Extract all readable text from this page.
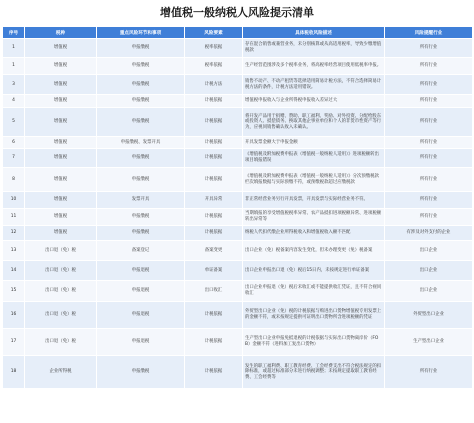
增值税一般纳税人风险提示清单
序号	税种	重点风险环节和事项	风险要素	具体税收风险描述	风险提醒行业
1	增值税	申报缴税	税率依据	存在混合销售或兼营业务，未分别核算或从高适用税率，导致少缴增值税款	所有行业
1	增值税	申报缴税	税率依据	生产经营范围涉及多个税率业务，将高税率经营项目使用低税率申报。	所有行业
3	增值税	申报缴税	计税方法	销售不动产、不动产租赁等选择适用简易计税方法，不符合选择简易计税方法的条件，计税方法适用错误。	所有行业
4	增值税	申报缴税	计税依据	增值税申报收入与企业所得税申报收入差异过大	所有行业
5	增值税	申报缴税	计税依据	将开发产品用于捐赠、赞助、职工福利、奖励、对外投资、分配给股东或投资人、抵偿债务、换取其他企事业单位和个人的非货币性资产等行为，应视同销售确认收入未确认。	所有行业
6	增值税	申报缴税、发票开具	计税依据	开具发票金额大于申报金额	所有行业
7	增值税	申报缴税	计税依据	《增值税及附加税费申报表（增值税一般纳税人适用）》进项税额转出项目填报错误	所有行业
8	增值税	申报缴税	计税依据	《增值税及附加税费申报表（增值税一般纳税人适用）》分次预缴税款栏次填报数据与实际预缴不符，或预缴税款超过应缴税款	所有行业
10	增值税	发票开具	开具异常	非正常经营业务另行开具发票，开具发票与实际经营业务不符。	所有行业
11	增值税	申报缴税	计税依据	当期填报的享受增值税税率异常、农产品抵扣进项税额异常、进项税额转出异常等	所有行业
12	增值税	申报缴税	计税依据	纳税人代扣代缴企业所得税收入和增值税收入额不匹配	有涉及对外支付的企业
13	出口退（免）税	备案登记	备案变更	出口企业（免）税备案内容发生变化，但未办理变更（免）税备案	出口企业
14	出口退（免）税	申报退税	单证备案	出口企业申报出口退（免）税后15日内，未按规定进行单证备案	出口企业
15	出口退（免）税	申报退税	出口收汇	出口企业申报退（免）税后未收汇或不能提供收汇凭证，且不符合视同收汇	出口企业
16	出口退（免）税	申报退税	计税依据	外贸型出口企业（免）税的计税依据与购进出口货物增值税专用发票上的金额不符，或未按规定提供可证明出口货物所含进项税额的凭证	外贸型出口企业
17	出口退（免）税	申报退税	计税依据	生产型出口企业申报免抵退税的计税依据与实际出口货物离岸价（FOB）金额不符（进料加工复出口货物）	生产型出口企业
18	企业所得税	申报缴税	计税依据	发生的职工福利费、职工教育经费、工会经费支出不符合税法规定的扣除标准，或超过标准部分未进行纳税调整；未按规定提取职工教育经费、工会经费等	所有行业
